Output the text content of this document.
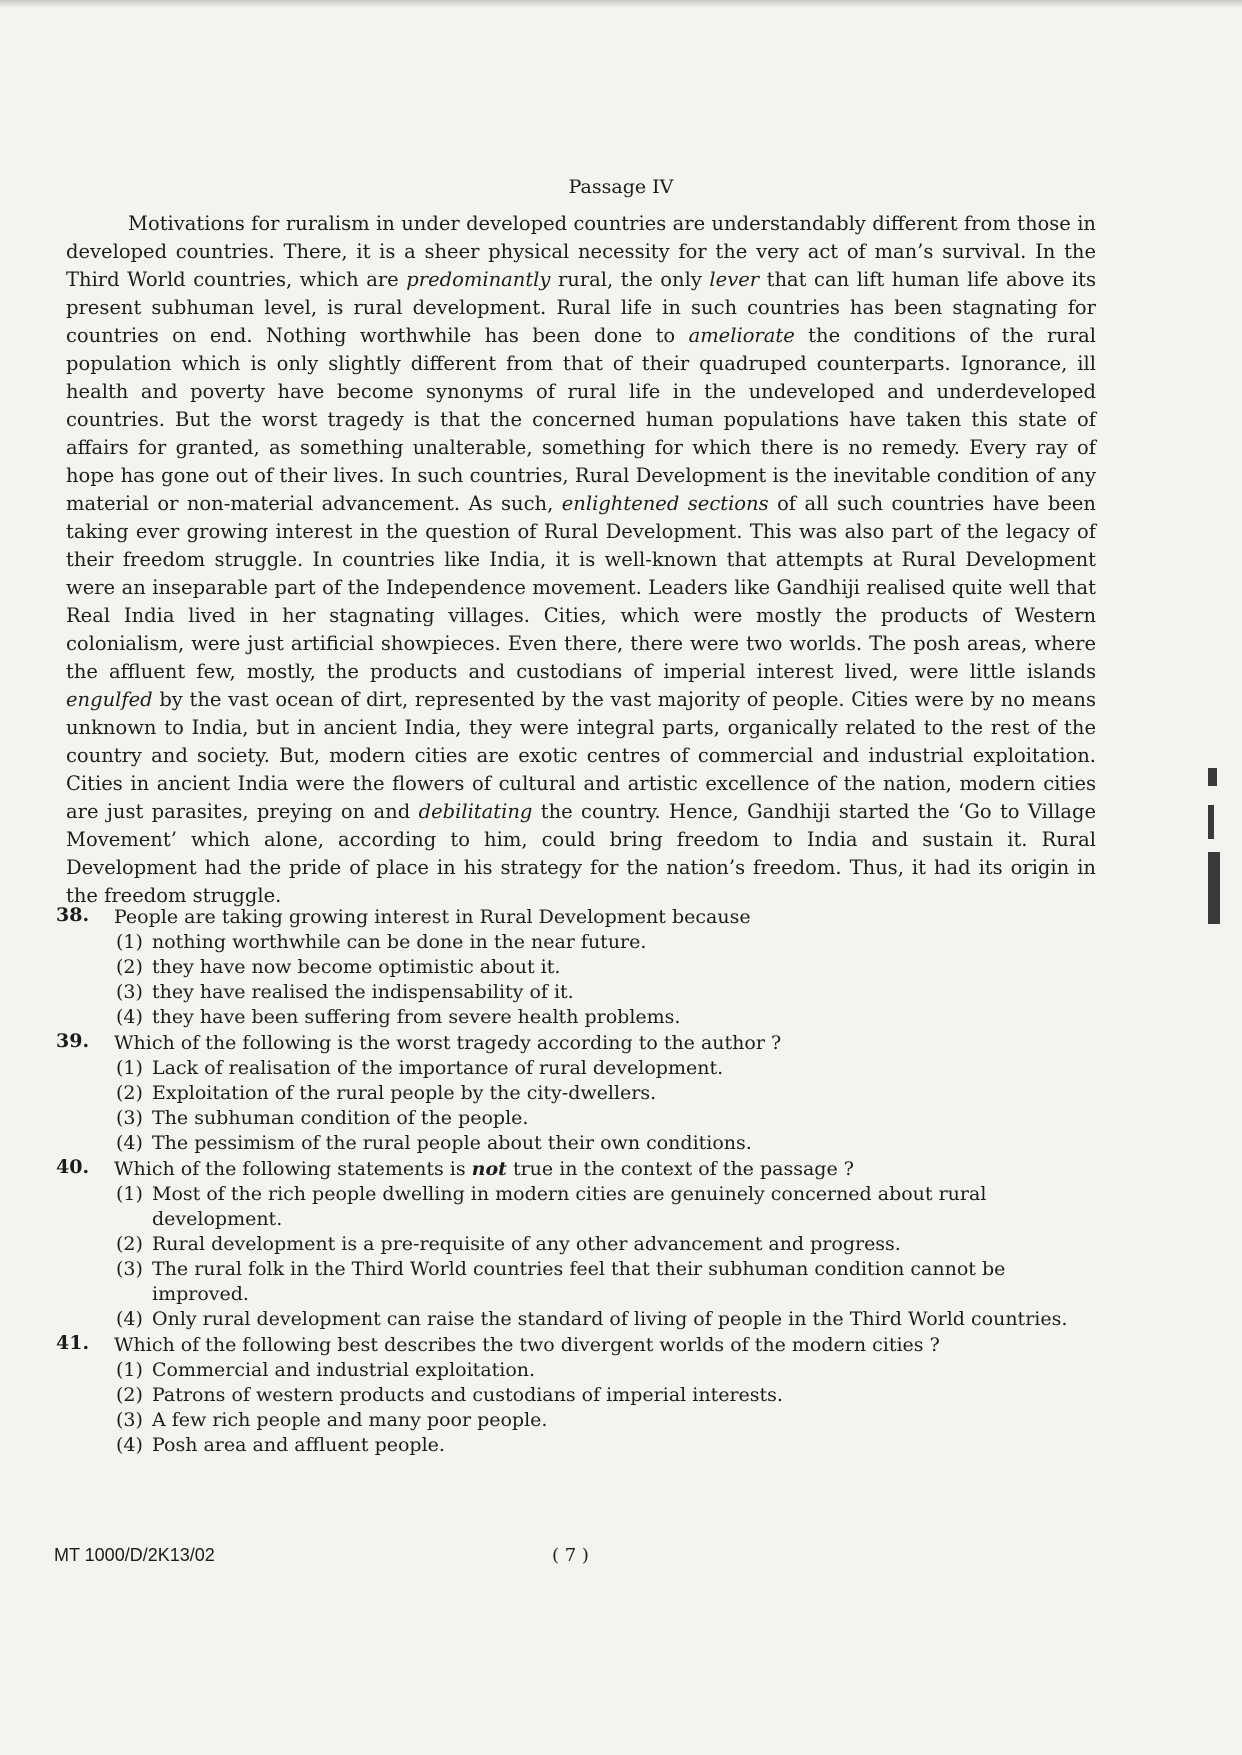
Passage IV

Motivations for ruralism in under developed countries are understandably different from those in developed countries. There, it is a sheer physical necessity for the very act of man’s survival. In the Third World countries, which are predominantly rural, the only lever that can lift human life above its present subhuman level, is rural development. Rural life in such countries has been stagnating for countries on end. Nothing worthwhile has been done to ameliorate the conditions of the rural population which is only slightly different from that of their quadruped counterparts. Ignorance, ill health and poverty have become synonyms of rural life in the undeveloped and underdeveloped countries. But the worst tragedy is that the concerned human populations have taken this state of affairs for granted, as something unalterable, something for which there is no remedy. Every ray of hope has gone out of their lives. In such countries, Rural Development is the inevitable condition of any material or non-material advancement. As such, enlightened sections of all such countries have been taking ever growing interest in the question of Rural Development. This was also part of the legacy of their freedom struggle. In countries like India, it is well-known that attempts at Rural Development were an inseparable part of the Independence movement. Leaders like Gandhiji realised quite well that Real India lived in her stagnating villages. Cities, which were mostly the products of Western colonialism, were just artificial showpieces. Even there, there were two worlds. The posh areas, where the affluent few, mostly, the products and custodians of imperial interest lived, were little islands engulfed by the vast ocean of dirt, represented by the vast majority of people. Cities were by no means unknown to India, but in ancient India, they were integral parts, organically related to the rest of the country and society. But, modern cities are exotic centres of commercial and industrial exploitation. Cities in ancient India were the flowers of cultural and artistic excellence of the nation, modern cities are just parasites, preying on and debilitating the country. Hence, Gandhiji started the ‘Go to Village Movement’ which alone, according to him, could bring freedom to India and sustain it. Rural Development had the pride of place in his strategy for the nation’s freedom. Thus, it had its origin in the freedom struggle.

38. People are taking growing interest in Rural Development because
(1) nothing worthwhile can be done in the near future.
(2) they have now become optimistic about it.
(3) they have realised the indispensability of it.
(4) they have been suffering from severe health problems.
39. Which of the following is the worst tragedy according to the author ?
(1) Lack of realisation of the importance of rural development.
(2) Exploitation of the rural people by the city-dwellers.
(3) The subhuman condition of the people.
(4) The pessimism of the rural people about their own conditions.
40. Which of the following statements is not true in the context of the passage ?
(1) Most of the rich people dwelling in modern cities are genuinely concerned about rural development.
(2) Rural development is a pre-requisite of any other advancement and progress.
(3) The rural folk in the Third World countries feel that their subhuman condition cannot be improved.
(4) Only rural development can raise the standard of living of people in the Third World countries.
41. Which of the following best describes the two divergent worlds of the modern cities ?
(1) Commercial and industrial exploitation.
(2) Patrons of western products and custodians of imperial interests.
(3) A few rich people and many poor people.
(4) Posh area and affluent people.
MT 1000/D/2K13/02	( 7 )
